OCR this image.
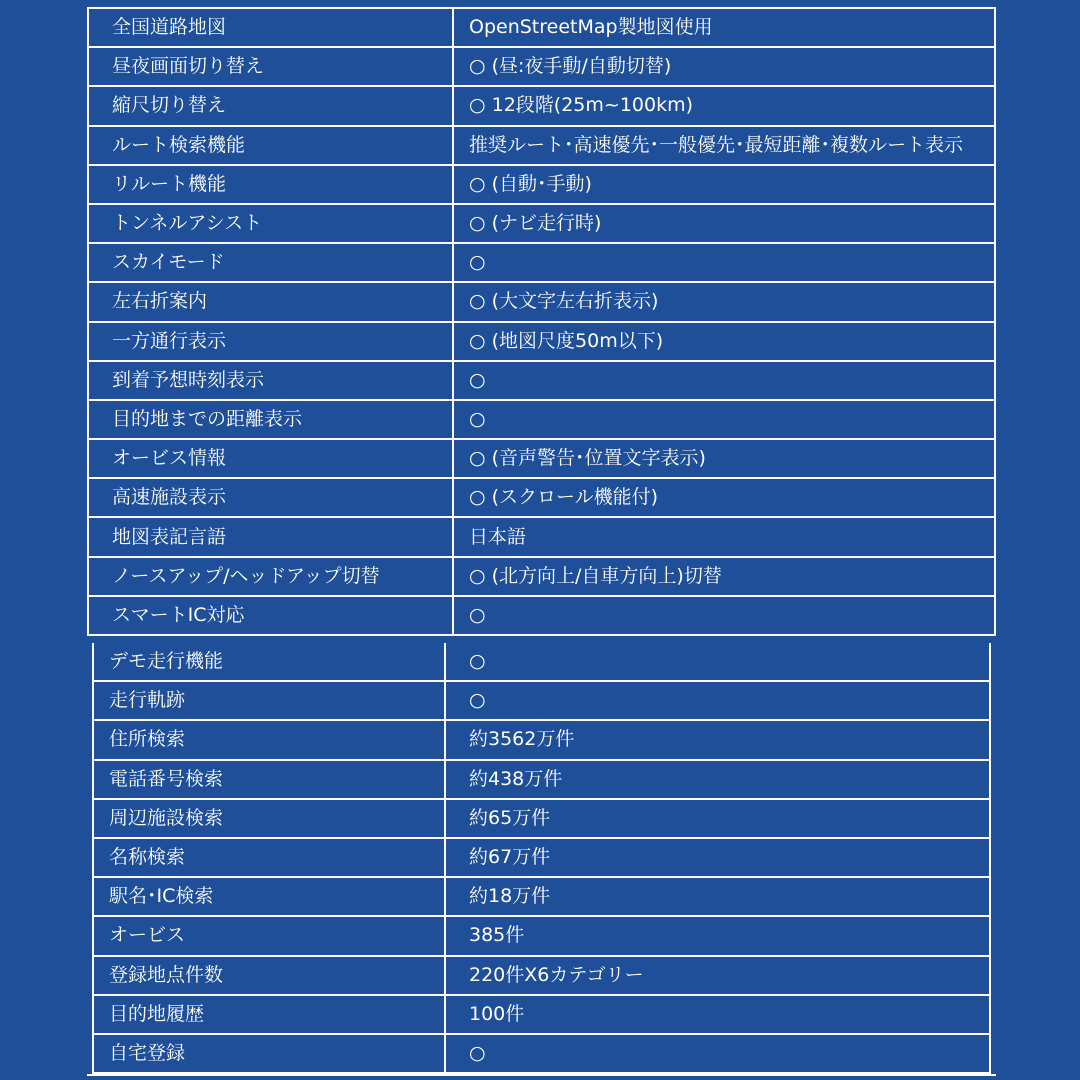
全国道路地図	OpenStreetMap製地図使用
昼夜画面切り替え	○ (昼:夜手動/自動切替)
縮尺切り替え	○ 12段階(25m~100km)
ルート検索機能	推奨ルート･高速優先･一般優先･最短距離･複数ルート表示
リルート機能	○ (自動･手動)
トンネルアシスト	○ (ナビ走行時)
スカイモード	○
左右折案内	○ (大文字左右折表示)
一方通行表示	○ (地図尺度50m以下)
到着予想時刻表示	○
目的地までの距離表示	○
オービス情報	○ (音声警告･位置文字表示)
高速施設表示	○ (スクロール機能付)
地図表記言語	日本語
ノースアップ/ヘッドアップ切替	○ (北方向上/自車方向上)切替
スマートIC対応	○
デモ走行機能	○
走行軌跡	○
住所検索	約3562万件
電話番号検索	約438万件
周辺施設検索	約65万件
名称検索	約67万件
駅名･IC検索	約18万件
オービス	385件
登録地点件数	220件X6カテゴリー
目的地履歴	100件
自宅登録	○
